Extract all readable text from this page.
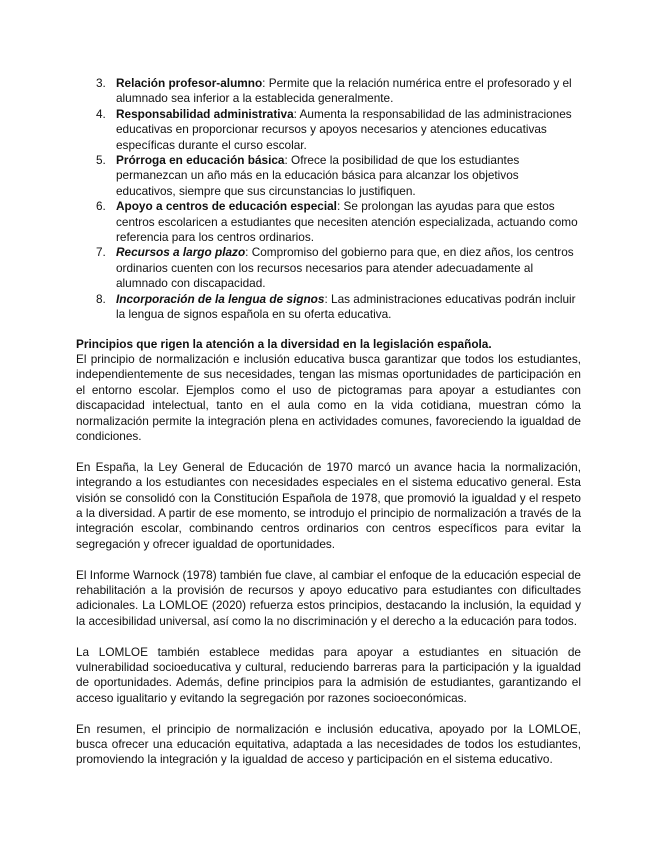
3. Relación profesor-alumno: Permite que la relación numérica entre el profesorado y el alumnado sea inferior a la establecida generalmente.
4. Responsabilidad administrativa: Aumenta la responsabilidad de las administraciones educativas en proporcionar recursos y apoyos necesarios y atenciones educativas específicas durante el curso escolar.
5. Prórroga en educación básica: Ofrece la posibilidad de que los estudiantes permanezcan un año más en la educación básica para alcanzar los objetivos educativos, siempre que sus circunstancias lo justifiquen.
6. Apoyo a centros de educación especial: Se prolongan las ayudas para que estos centros escolaricen a estudiantes que necesiten atención especializada, actuando como referencia para los centros ordinarios.
7. Recursos a largo plazo: Compromiso del gobierno para que, en diez años, los centros ordinarios cuenten con los recursos necesarios para atender adecuadamente al alumnado con discapacidad.
8. Incorporación de la lengua de signos: Las administraciones educativas podrán incluir la lengua de signos española en su oferta educativa.
Principios que rigen la atención a la diversidad en la legislación española.

El principio de normalización e inclusión educativa busca garantizar que todos los estudiantes, independientemente de sus necesidades, tengan las mismas oportunidades de participación en el entorno escolar. Ejemplos como el uso de pictogramas para apoyar a estudiantes con discapacidad intelectual, tanto en el aula como en la vida cotidiana, muestran cómo la normalización permite la integración plena en actividades comunes, favoreciendo la igualdad de condiciones.

En España, la Ley General de Educación de 1970 marcó un avance hacia la normalización, integrando a los estudiantes con necesidades especiales en el sistema educativo general. Esta visión se consolidó con la Constitución Española de 1978, que promovió la igualdad y el respeto a la diversidad. A partir de ese momento, se introdujo el principio de normalización a través de la integración escolar, combinando centros ordinarios con centros específicos para evitar la segregación y ofrecer igualdad de oportunidades.

El Informe Warnock (1978) también fue clave, al cambiar el enfoque de la educación especial de rehabilitación a la provisión de recursos y apoyo educativo para estudiantes con dificultades adicionales. La LOMLOE (2020) refuerza estos principios, destacando la inclusión, la equidad y la accesibilidad universal, así como la no discriminación y el derecho a la educación para todos.

La LOMLOE también establece medidas para apoyar a estudiantes en situación de vulnerabilidad socioeducativa y cultural, reduciendo barreras para la participación y la igualdad de oportunidades. Además, define principios para la admisión de estudiantes, garantizando el acceso igualitario y evitando la segregación por razones socioeconómicas.

En resumen, el principio de normalización e inclusión educativa, apoyado por la LOMLOE, busca ofrecer una educación equitativa, adaptada a las necesidades de todos los estudiantes, promoviendo la integración y la igualdad de acceso y participación en el sistema educativo.
